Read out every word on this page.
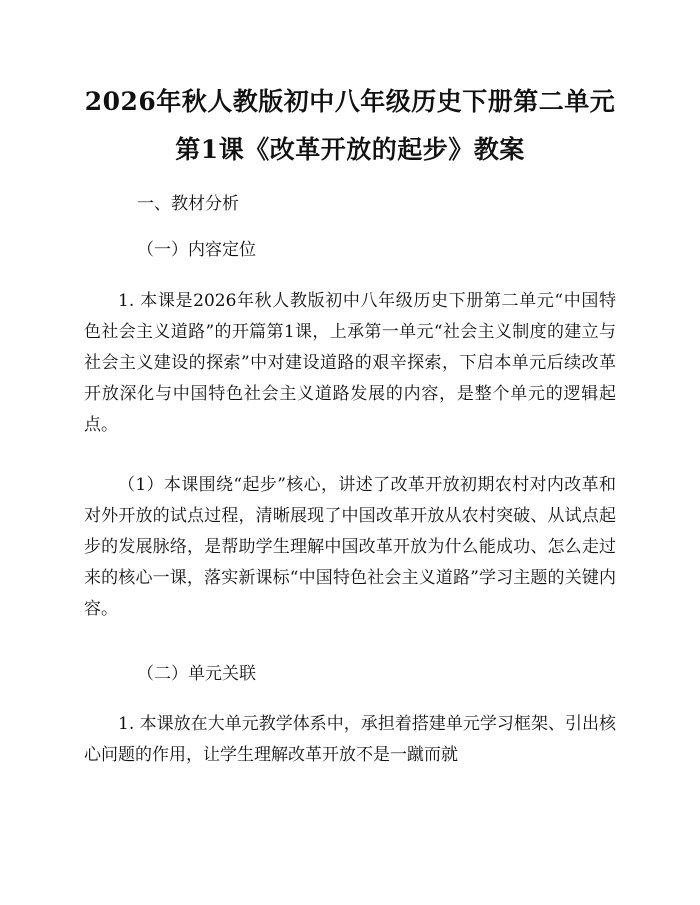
2026年秋人教版初中八年级历史下册第二单元第1课《改革开放的起步》教案

一、教材分析

（一）内容定位

1. 本课是2026年秋人教版初中八年级历史下册第二单元“中国特色社会主义道路”的开篇第1课，上承第一单元“社会主义制度的建立与社会主义建设的探索”中对建设道路的艰辛探索，下启本单元后续改革开放深化与中国特色社会主义道路发展的内容，是整个单元的逻辑起点。

（1）本课围绕“起步”核心，讲述了改革开放初期农村对内改革和对外开放的试点过程，清晰展现了中国改革开放从农村突破、从试点起步的发展脉络，是帮助学生理解中国改革开放为什么能成功、怎么走过来的核心一课，落实新课标“中国特色社会主义道路”学习主题的关键内容。

（二）单元关联

1. 本课放在大单元教学体系中，承担着搭建单元学习框架、引出核心问题的作用，让学生理解改革开放不是一蹴而就
